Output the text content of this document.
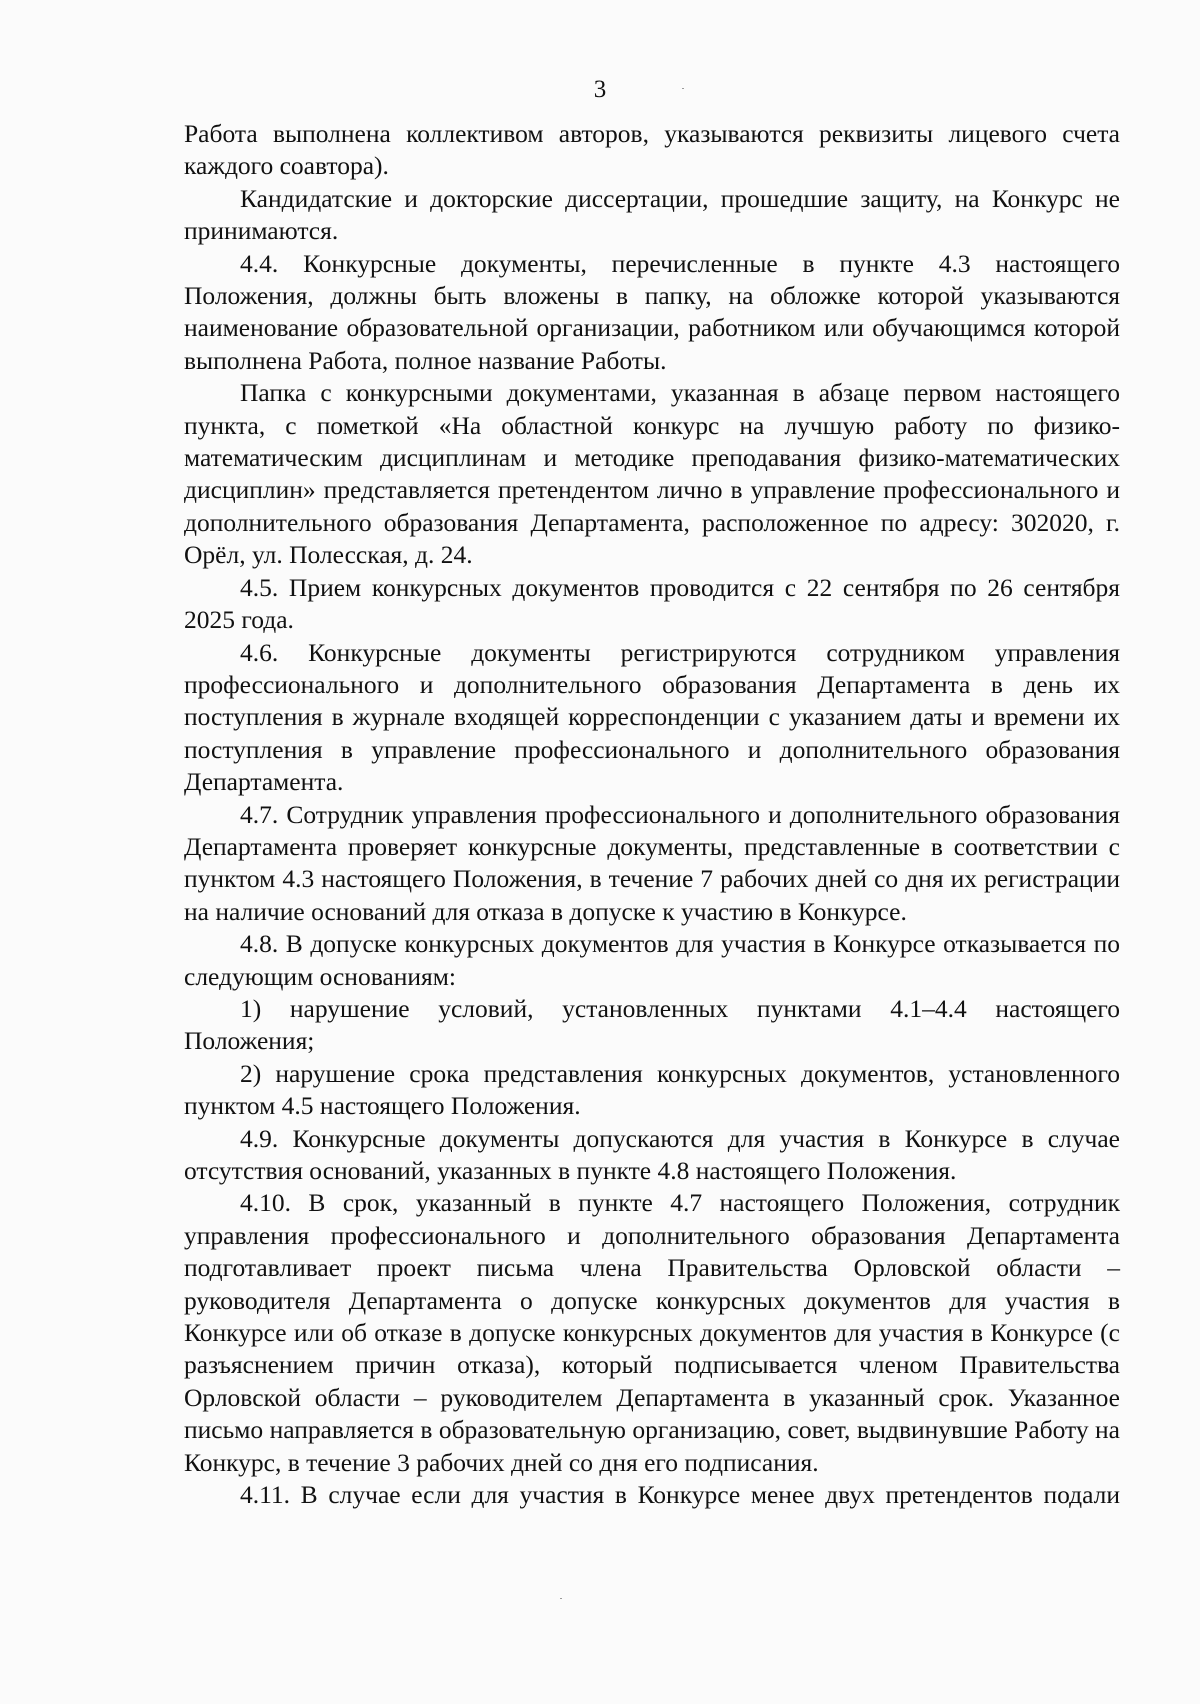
3

Работа выполнена коллективом авторов, указываются реквизиты лицевого счета каждого соавтора).

Кандидатские и докторские диссертации, прошедшие защиту, на Конкурс не принимаются.

4.4. Конкурсные документы, перечисленные в пункте 4.3 настоящего Положения, должны быть вложены в папку, на обложке которой указываются наименование образовательной организации, работником или обучающимся которой выполнена Работа, полное название Работы.

Папка с конкурсными документами, указанная в абзаце первом настоящего пункта, с пометкой «На областной конкурс на лучшую работу по физико-математическим дисциплинам и методике преподавания физико-математических дисциплин» представляется претендентом лично в управление профессионального и дополнительного образования Департамента, расположенное по адресу: 302020, г. Орёл, ул. Полесская, д. 24.

4.5. Прием конкурсных документов проводится с 22 сентября по 26 сентября 2025 года.

4.6. Конкурсные документы регистрируются сотрудником управления профессионального и дополнительного образования Департамента в день их поступления в журнале входящей корреспонденции с указанием даты и времени их поступления в управление профессионального и дополнительного образования Департамента.

4.7. Сотрудник управления профессионального и дополнительного образования Департамента проверяет конкурсные документы, представленные в соответствии с пунктом 4.3 настоящего Положения, в течение 7 рабочих дней со дня их регистрации на наличие оснований для отказа в допуске к участию в Конкурсе.

4.8. В допуске конкурсных документов для участия в Конкурсе отказывается по следующим основаниям:

1) нарушение условий, установленных пунктами 4.1–4.4 настоящего Положения;

2) нарушение срока представления конкурсных документов, установленного пунктом 4.5 настоящего Положения.

4.9. Конкурсные документы допускаются для участия в Конкурсе в случае отсутствия оснований, указанных в пункте 4.8 настоящего Положения.

4.10. В срок, указанный в пункте 4.7 настоящего Положения, сотрудник управления профессионального и дополнительного образования Департамента подготавливает проект письма члена Правительства Орловской области – руководителя Департамента о допуске конкурсных документов для участия в Конкурсе или об отказе в допуске конкурсных документов для участия в Конкурсе (с разъяснением причин отказа), который подписывается членом Правительства Орловской области – руководителем Департамента в указанный срок. Указанное письмо направляется в образовательную организацию, совет, выдвинувшие Работу на Конкурс, в течение 3 рабочих дней со дня его подписания.

4.11. В случае если для участия в Конкурсе менее двух претендентов подали
